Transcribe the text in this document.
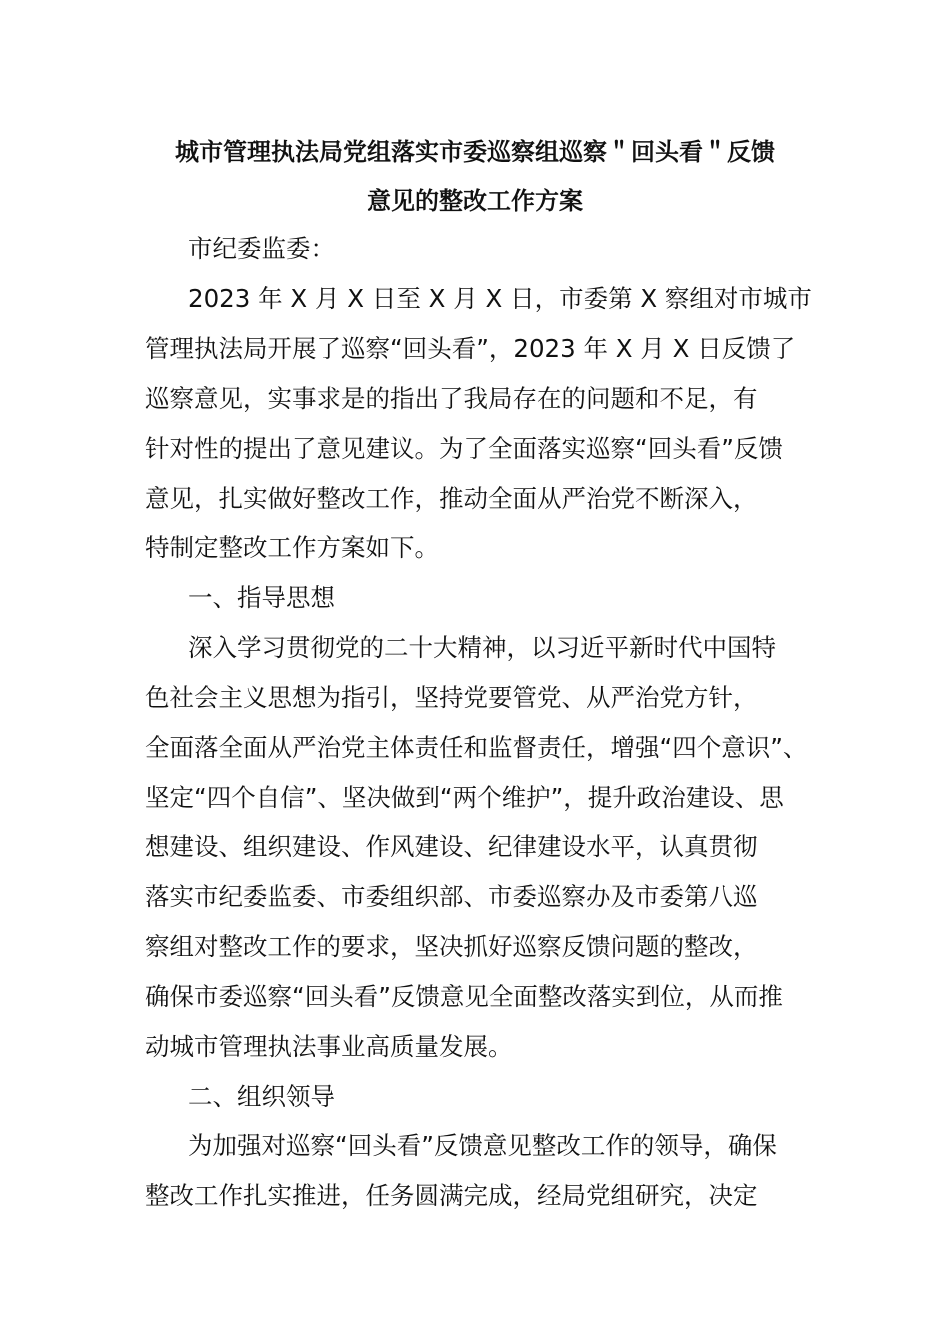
城市管理执法局党组落实市委巡察组巡察＂回头看＂反馈
意见的整改工作方案
市纪委监委：
2023 年 X 月 X 日至 X 月 X 日，市委第 X 察组对市城市
管理执法局开展了巡察“回头看”，2023 年 X 月 X 日反馈了
巡察意见，实事求是的指出了我局存在的问题和不足，有
针对性的提出了意见建议。为了全面落实巡察“回头看”反馈
意见，扎实做好整改工作，推动全面从严治党不断深入，
特制定整改工作方案如下。
一、指导思想
深入学习贯彻党的二十大精神，以习近平新时代中国特
色社会主义思想为指引，坚持党要管党、从严治党方针，
全面落全面从严治党主体责任和监督责任，增强“四个意识”、
坚定“四个自信”、坚决做到“两个维护”，提升政治建设、思
想建设、组织建设、作风建设、纪律建设水平，认真贯彻
落实市纪委监委、市委组织部、市委巡察办及市委第八巡
察组对整改工作的要求，坚决抓好巡察反馈问题的整改，
确保市委巡察“回头看”反馈意见全面整改落实到位，从而推
动城市管理执法事业高质量发展。
二、组织领导
为加强对巡察“回头看”反馈意见整改工作的领导，确保
整改工作扎实推进，任务圆满完成，经局党组研究，决定
